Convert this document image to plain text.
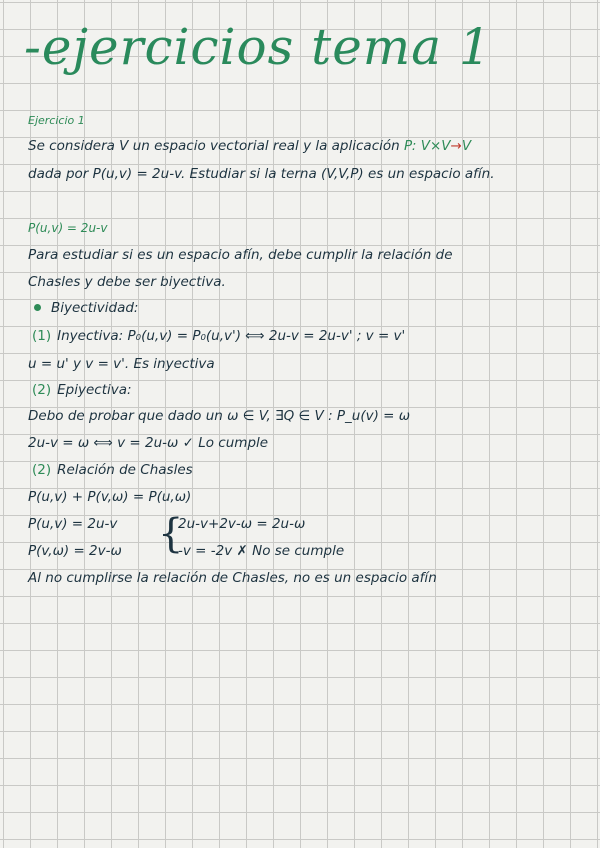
-ejercicios tema 1
Ejercicio 1
Se considera V un espacio vectorial real y la aplicación P: V×V→V
dada por P(u,v) = 2u-v. Estudiar si la terna (V,V,P) es un espacio afín.
P(u,v) = 2u-v
Para estudiar si es un espacio afín, debe cumplir la relación de
Chasles y debe ser biyectiva.
Biyectividad:
(1) Inyectiva: P₀(u,v) = P₀(u,v') ⟺ 2u-v = 2u-v' ; v = v'
u = u' y v = v'. Es inyectiva
(2) Epiyectiva:
Debo de probar que dado un ω ∈ V, ∃Q ∈ V : P_u(v) = ω
2u-v = ω ⟺ v = 2u-ω ✓ Lo cumple
(2) Relación de Chasles
P(u,v) + P(v,ω) = P(u,ω)
P(u,v) = 2u-v
P(v,ω) = 2v-ω {
2u-v+2v-ω = 2u-ω
-v = -2v ✗ No se cumple
Al no cumplirse la relación de Chasles, no es un espacio afín
